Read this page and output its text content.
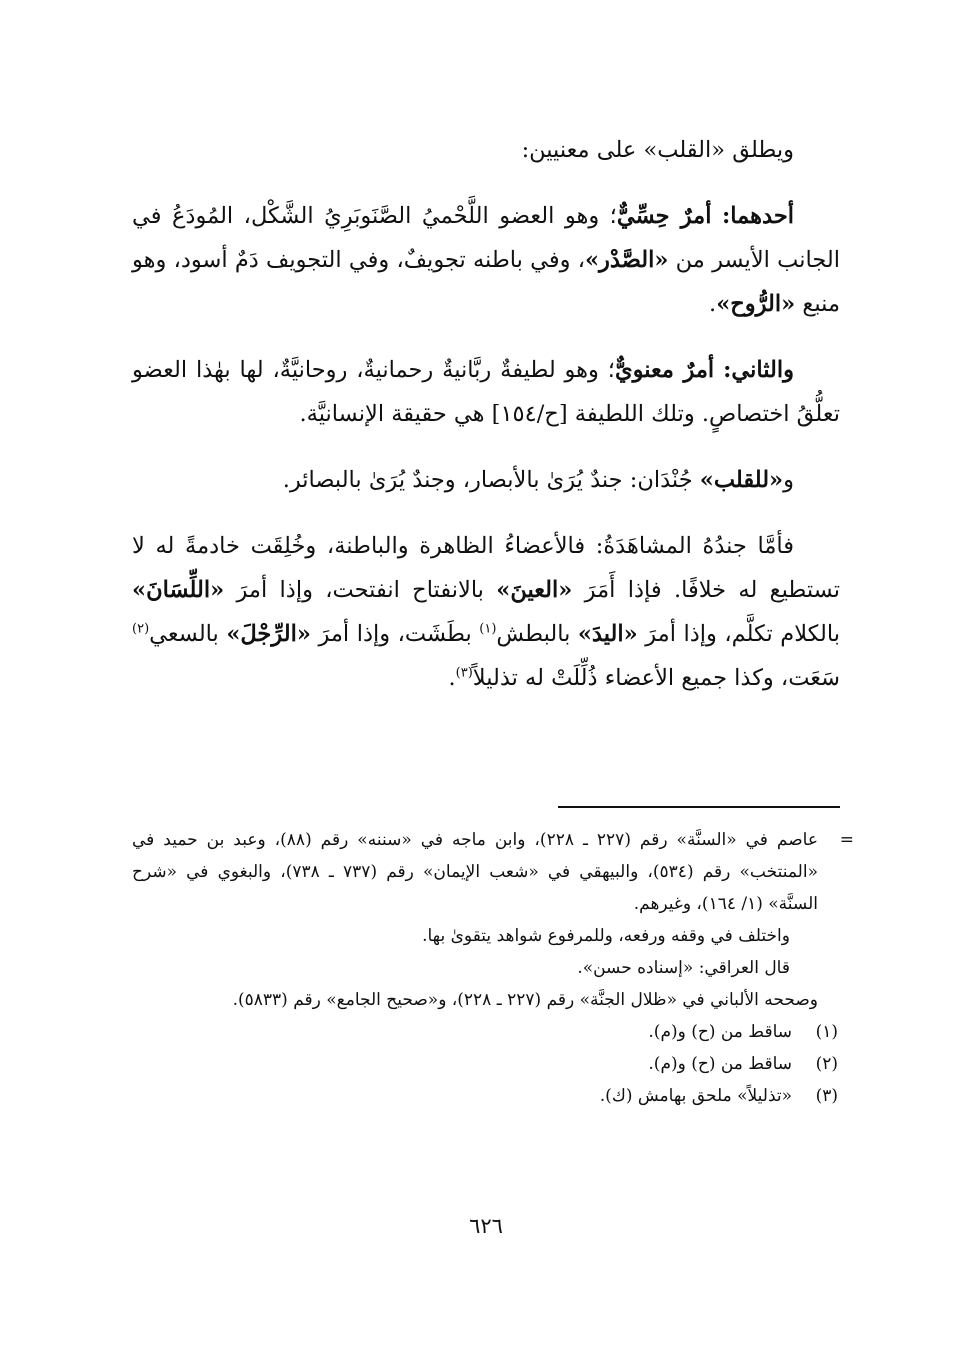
ويطلق «القلب» على معنيين:

أحدهما: أمرٌ حِسِّيٌّ؛ وهو العضو اللَّحْميُ الصَّنَوبَرِيُ الشَّكْل، المُودَعُ في الجانب الأيسر من «الصَّدْر»، وفي باطنه تجويفٌ، وفي التجويف دَمٌ أسود، وهو منبع «الرُّوح».

والثاني: أمرٌ معنويٌّ؛ وهو لطيفةٌ ربَّانيةٌ رحمانيةٌ، روحانيَّةٌ، لها بهٰذا العضو تعلُّقُ اختصاصٍ. وتلك اللطيفة [ح/١٥٤] هي حقيقة الإنسانيَّة.

و«للقلب» جُنْدَان: جندٌ يُرَىٰ بالأبصار، وجندٌ يُرَىٰ بالبصائر.

فأمَّا جندُهُ المشاهَدَةُ: فالأعضاءُ الظاهرة والباطنة، وخُلِقَت خادمةً له لا تستطيع له خلافًا. فإذا أَمَرَ «العينَ» بالانفتاح انفتحت، وإذا أمرَ «اللِّسَانَ» بالكلام تكلَّم، وإذا أمرَ «اليدَ» بالبطش$^{(١)}$ بطَشَت، وإذا أمرَ «الرِّجْلَ» بالسعي$^{(٢)}$ سَعَت، وكذا جميع الأعضاء ذُلِّلَتْ له تذليلاً$^{(٣)}$.

=

عاصم في «السنَّة» رقم (٢٢٧ ـ ٢٢٨)، وابن ماجه في «سننه» رقم (٨٨)، وعبد بن حميد في «المنتخب» رقم (٥٣٤)، والبيهقي في «شعب الإيمان» رقم (٧٣٧ ـ ٧٣٨)، والبغوي في «شرح السنَّة» (١/ ١٦٤)، وغيرهم.

واختلف في وقفه ورفعه، وللمرفوع شواهد يتقوىٰ بها.

قال العراقي: «إسناده حسن».

وصححه الألباني في «ظلال الجنَّة» رقم (٢٢٧ ـ ٢٢٨)، و«صحيح الجامع» رقم (٥٨٣٣).

(١)
ساقط من (ح) و(م).

(٢)
ساقط من (ح) و(م).

(٣)
«تذليلاً» ملحق بهامش (ك).

٦٢٦
